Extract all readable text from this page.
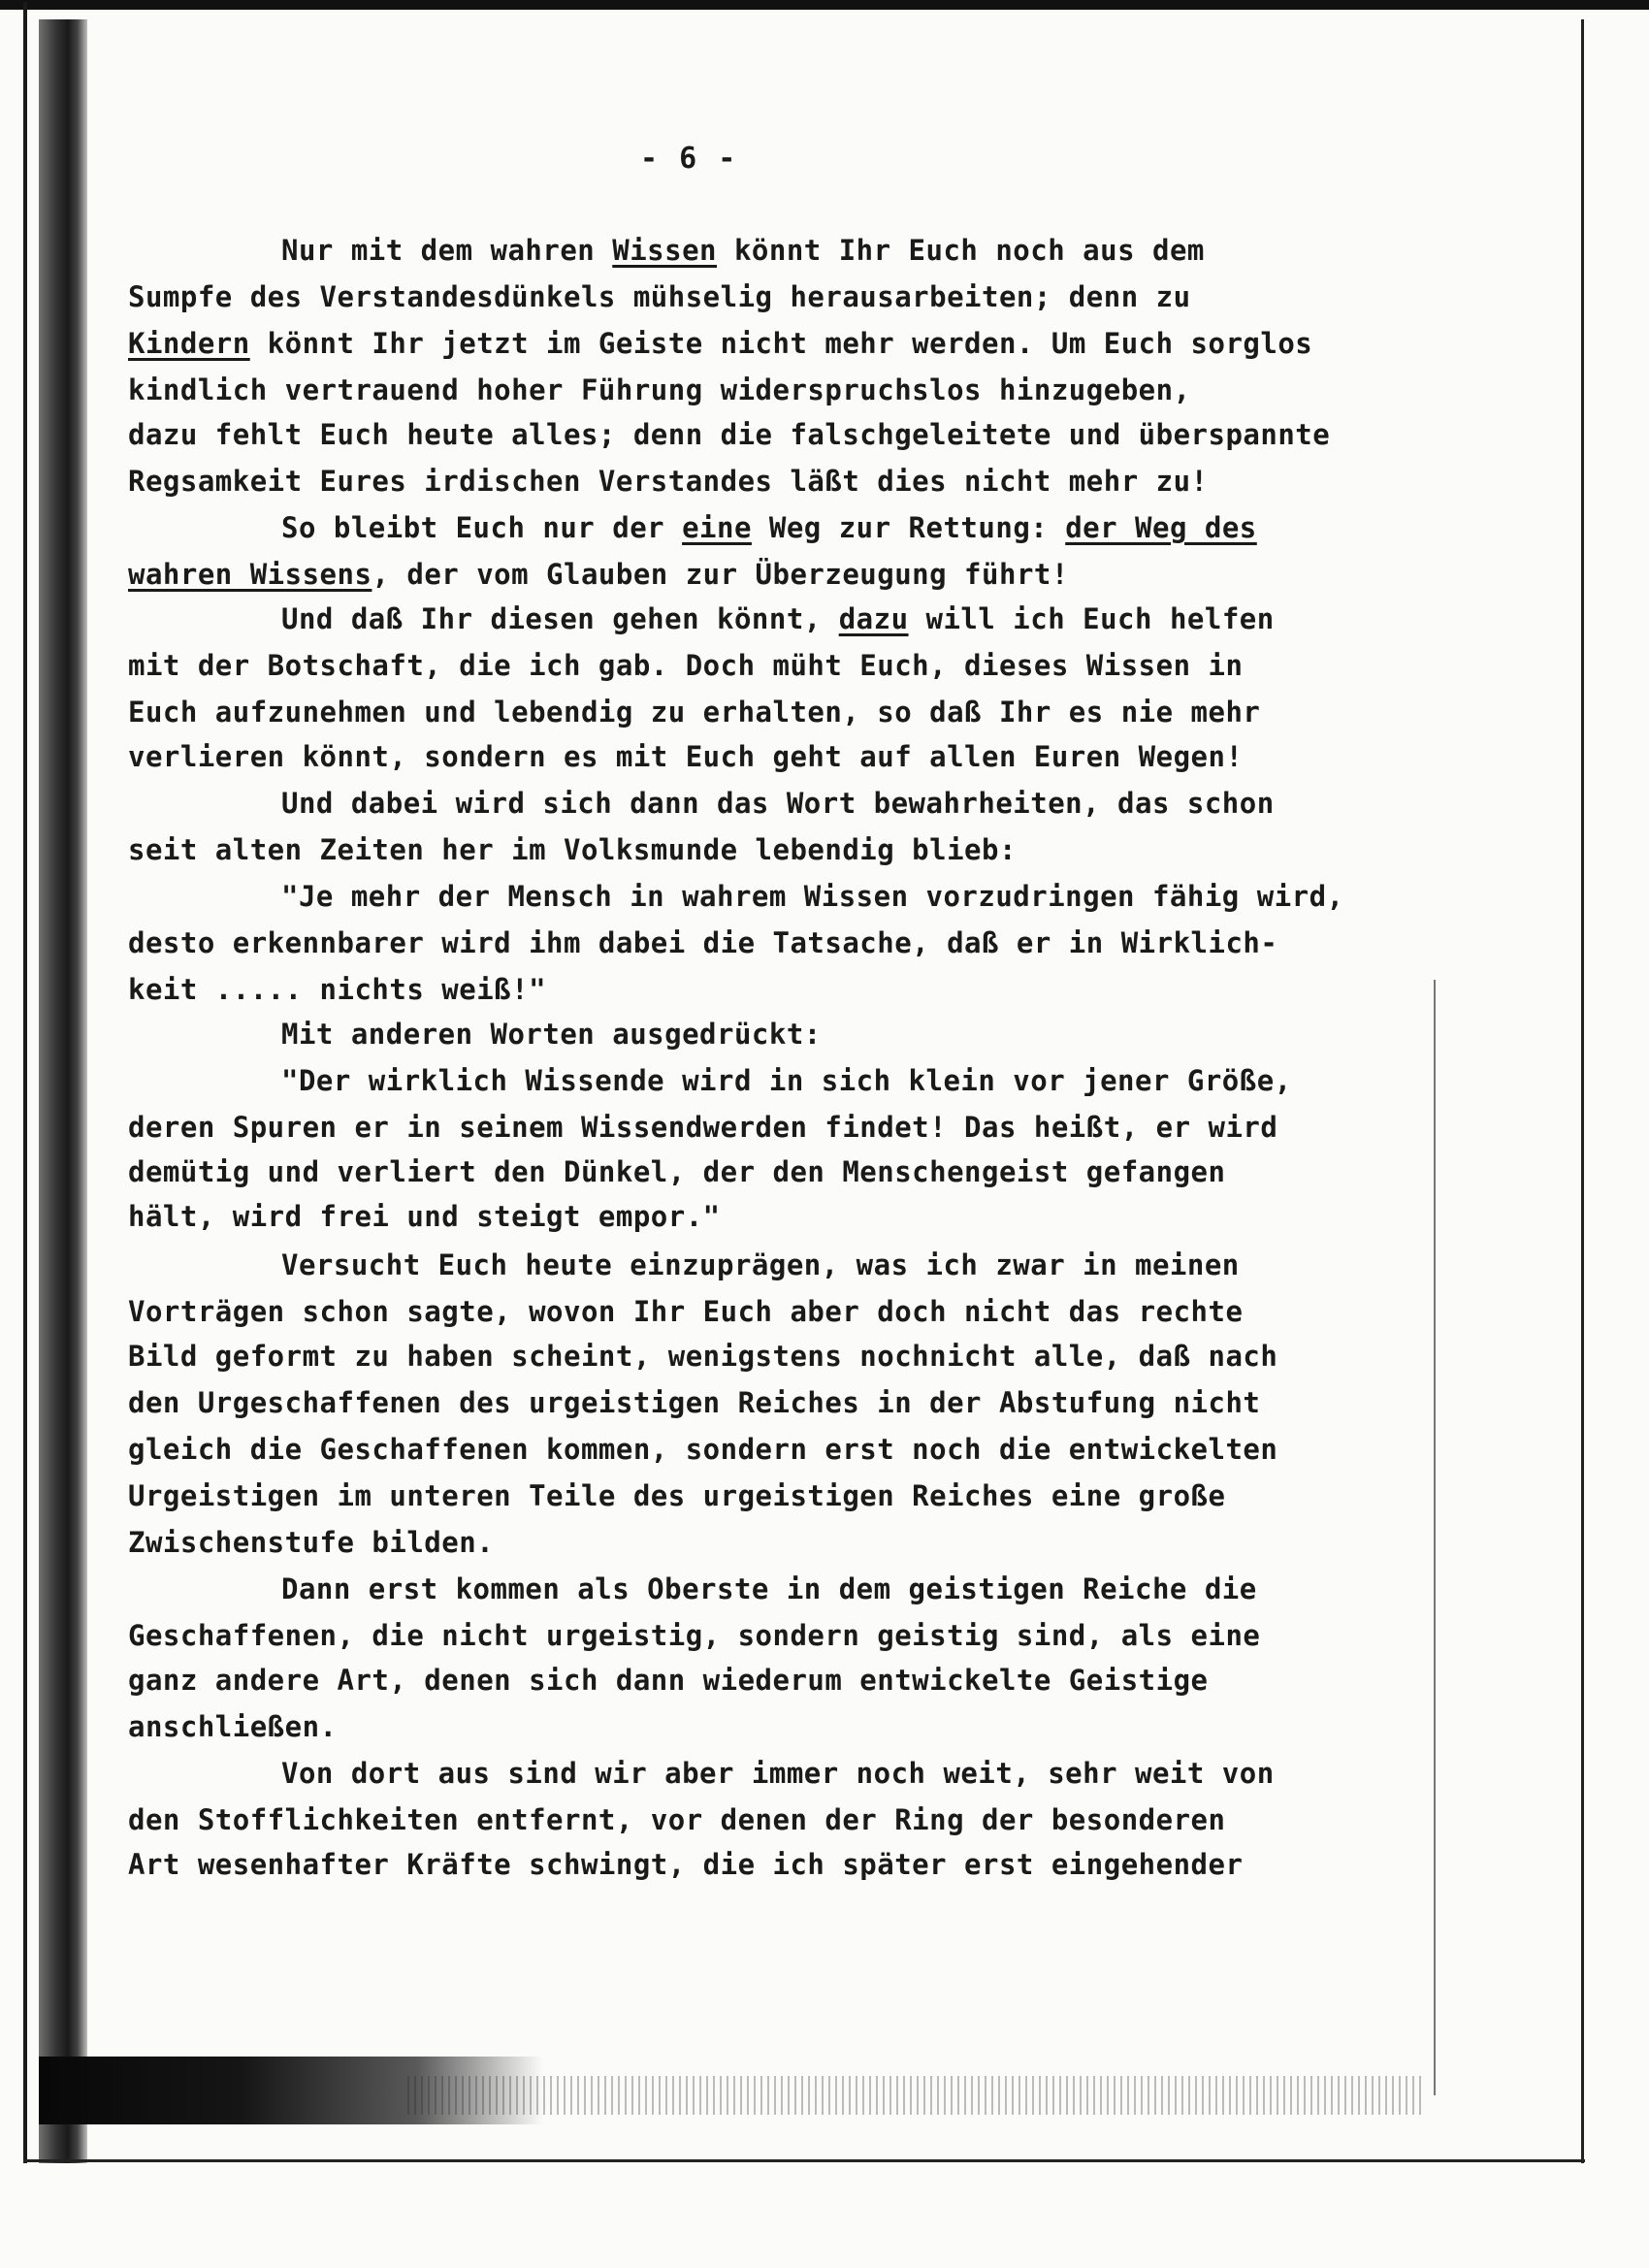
- 6 -
Nur mit dem wahren Wissen könnt Ihr Euch noch aus dem
Sumpfe des Verstandesdünkels mühselig herausarbeiten; denn zu
Kindern könnt Ihr jetzt im Geiste nicht mehr werden. Um Euch sorglos
kindlich vertrauend hoher Führung widerspruchslos hinzugeben,
dazu fehlt Euch heute alles; denn die falschgeleitete und überspannte
Regsamkeit Eures irdischen Verstandes läßt dies nicht mehr zu!
So bleibt Euch nur der eine Weg zur Rettung: der Weg des
wahren Wissens, der vom Glauben zur Überzeugung führt!
Und daß Ihr diesen gehen könnt, dazu will ich Euch helfen
mit der Botschaft, die ich gab. Doch müht Euch, dieses Wissen in
Euch aufzunehmen und lebendig zu erhalten, so daß Ihr es nie mehr
verlieren könnt, sondern es mit Euch geht auf allen Euren Wegen!
Und dabei wird sich dann das Wort bewahrheiten, das schon
seit alten Zeiten her im Volksmunde lebendig blieb:
"Je mehr der Mensch in wahrem Wissen vorzudringen fähig wird,
desto erkennbarer wird ihm dabei die Tatsache, daß er in Wirklich-
keit ..... nichts weiß!"
Mit anderen Worten ausgedrückt:
"Der wirklich Wissende wird in sich klein vor jener Größe,
deren Spuren er in seinem Wissendwerden findet! Das heißt, er wird
demütig und verliert den Dünkel, der den Menschengeist gefangen
hält, wird frei und steigt empor."
Versucht Euch heute einzuprägen, was ich zwar in meinen
Vorträgen schon sagte, wovon Ihr Euch aber doch nicht das rechte
Bild geformt zu haben scheint, wenigstens nochnicht alle, daß nach
den Urgeschaffenen des urgeistigen Reiches in der Abstufung nicht
gleich die Geschaffenen kommen, sondern erst noch die entwickelten
Urgeistigen im unteren Teile des urgeistigen Reiches eine große
Zwischenstufe bilden.
Dann erst kommen als Oberste in dem geistigen Reiche die
Geschaffenen, die nicht urgeistig, sondern geistig sind, als eine
ganz andere Art, denen sich dann wiederum entwickelte Geistige
anschließen.
Von dort aus sind wir aber immer noch weit, sehr weit von
den Stofflichkeiten entfernt, vor denen der Ring der besonderen
Art wesenhafter Kräfte schwingt, die ich später erst eingehender
